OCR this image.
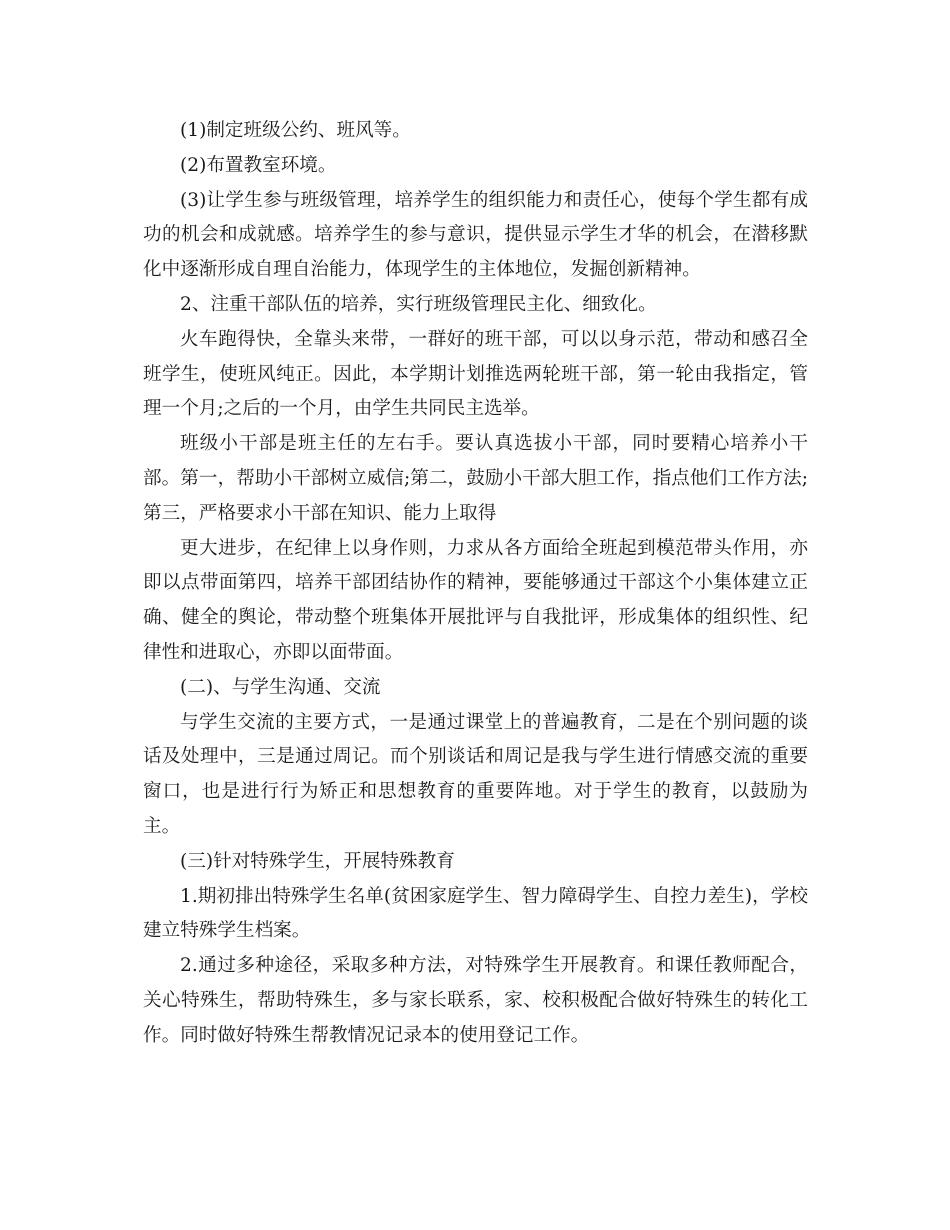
(1)制定班级公约、班风等。

(2)布置教室环境。

(3)让学生参与班级管理，培养学生的组织能力和责任心，使每个学生都有成功的机会和成就感。培养学生的参与意识，提供显示学生才华的机会，在潜移默化中逐渐形成自理自治能力，体现学生的主体地位，发掘创新精神。

2、注重干部队伍的培养，实行班级管理民主化、细致化。

火车跑得快，全靠头来带，一群好的班干部，可以以身示范，带动和感召全班学生，使班风纯正。因此，本学期计划推选两轮班干部，第一轮由我指定，管理一个月;之后的一个月，由学生共同民主选举。

班级小干部是班主任的左右手。要认真选拔小干部，同时要精心培养小干部。第一，帮助小干部树立威信;第二，鼓励小干部大胆工作，指点他们工作方法;第三，严格要求小干部在知识、能力上取得

更大进步，在纪律上以身作则，力求从各方面给全班起到模范带头作用，亦即以点带面第四，培养干部团结协作的精神，要能够通过干部这个小集体建立正确、健全的舆论，带动整个班集体开展批评与自我批评，形成集体的组织性、纪律性和进取心，亦即以面带面。

(二)、与学生沟通、交流

与学生交流的主要方式，一是通过课堂上的普遍教育，二是在个别问题的谈话及处理中，三是通过周记。而个别谈话和周记是我与学生进行情感交流的重要窗口，也是进行行为矫正和思想教育的重要阵地。对于学生的教育，以鼓励为主。

(三)针对特殊学生，开展特殊教育

1.期初排出特殊学生名单(贫困家庭学生、智力障碍学生、自控力差生)，学校建立特殊学生档案。

2.通过多种途径，采取多种方法，对特殊学生开展教育。和课任教师配合，关心特殊生，帮助特殊生，多与家长联系，家、校积极配合做好特殊生的转化工作。同时做好特殊生帮教情况记录本的使用登记工作。
